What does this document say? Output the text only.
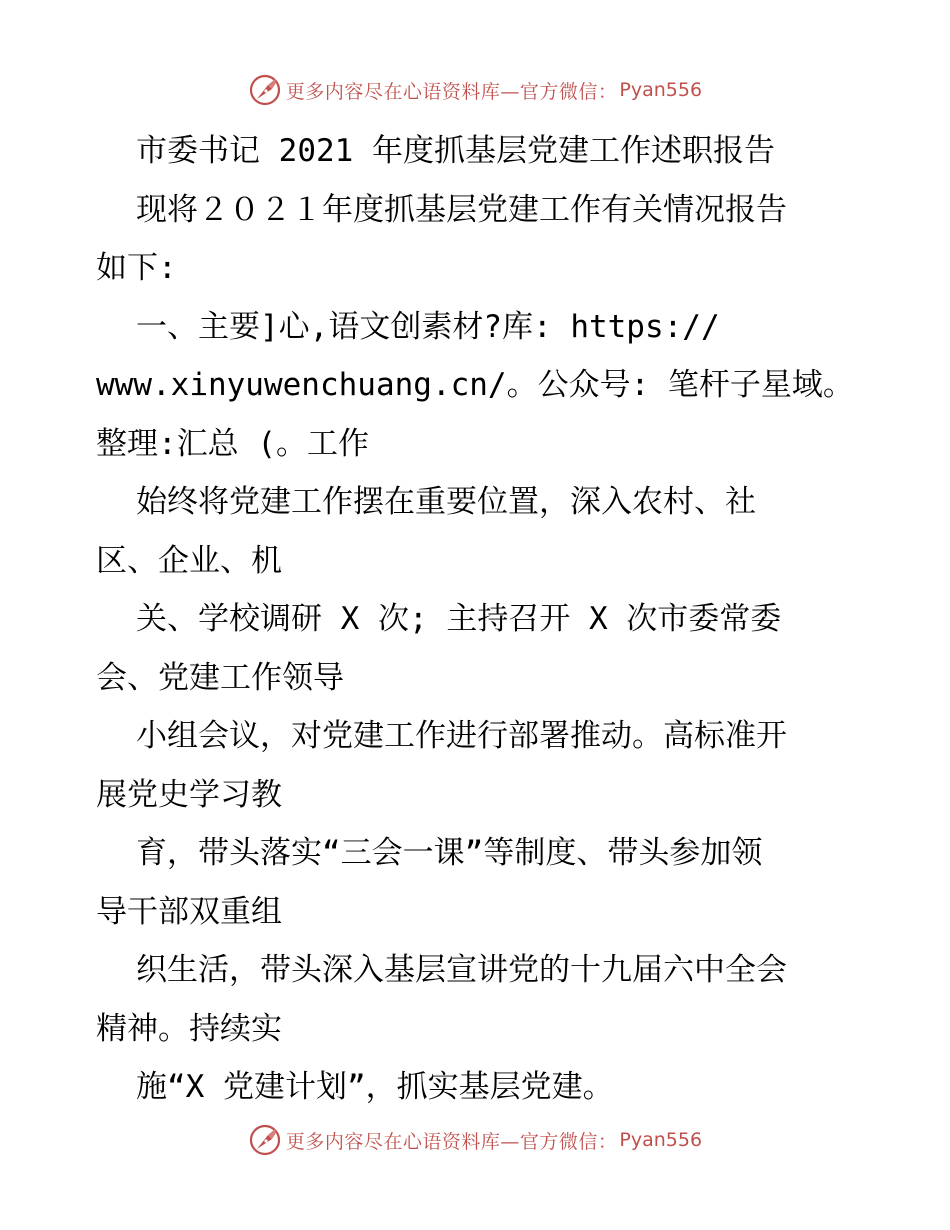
更多内容尽在心语资料库—官方微信： Pyan556
市委书记 2021 年度抓基层党建工作述职报告
现将２０２１年度抓基层党建工作有关情况报告
如下:
一、主要]心,语文创素材?库: https://
www.xinyuwenchuang.cn/。公众号: 笔杆子星域。
整理:汇总 (。工作
始终将党建工作摆在重要位置，深入农村、社
区、企业、机
关、学校调研 X 次; 主持召开 X 次市委常委
会、党建工作领导
小组会议，对党建工作进行部署推动。高标准开
展党史学习教
育，带头落实“三会一课”等制度、带头参加领
导干部双重组
织生活，带头深入基层宣讲党的十九届六中全会
精神。持续实
施“X 党建计划”，抓实基层党建。
更多内容尽在心语资料库—官方微信： Pyan556
